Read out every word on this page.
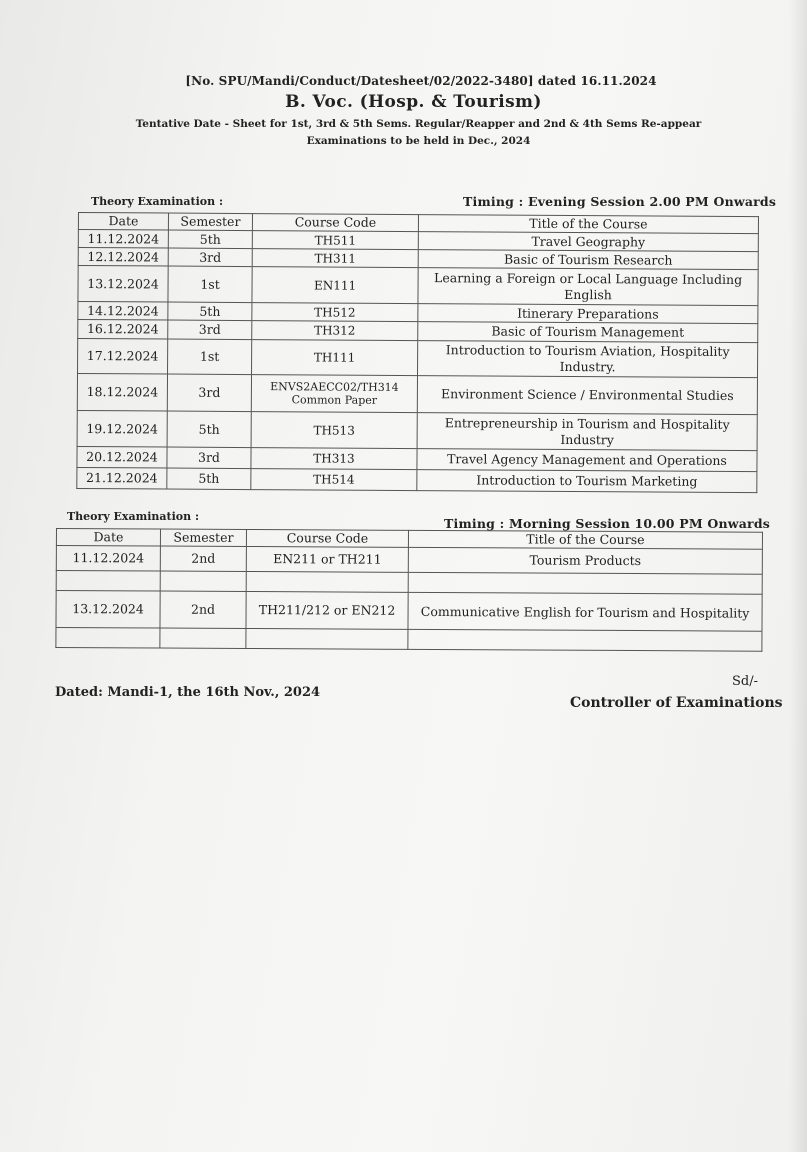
[No. SPU/Mandi/Conduct/Datesheet/02/2022-3480] dated 16.11.2024
B. Voc. (Hosp. & Tourism)
Tentative Date - Sheet for 1st, 3rd & 5th Sems. Regular/Reapper and 2nd & 4th Sems Re-appear
Examinations to be held in Dec., 2024
Theory Examination :	Timing : Evening Session 2.00 PM Onwards
Date	Semester	Course Code	Title of the Course
11.12.2024	5th	TH511	Travel Geography
12.12.2024	3rd	TH311	Basic of Tourism Research
13.12.2024	1st	EN111	Learning a Foreign or Local Language Including English
14.12.2024	5th	TH512	Itinerary Preparations
16.12.2024	3rd	TH312	Basic of Tourism Management
17.12.2024	1st	TH111	Introduction to Tourism Aviation, Hospitality Industry.
18.12.2024	3rd	ENVS2AECC02/TH314 Common Paper	Environment Science / Environmental Studies
19.12.2024	5th	TH513	Entrepreneurship in Tourism and Hospitality Industry
20.12.2024	3rd	TH313	Travel Agency Management and Operations
21.12.2024	5th	TH514	Introduction to Tourism Marketing
Theory Examination :	Timing : Morning Session 10.00 PM Onwards
Date	Semester	Course Code	Title of the Course
11.12.2024	2nd	EN211 or TH211	Tourism Products

13.12.2024	2nd	TH211/212 or EN212	Communicative English for Tourism and Hospitality

Dated: Mandi-1, the 16th Nov., 2024
Sd/-
Controller of Examinations
